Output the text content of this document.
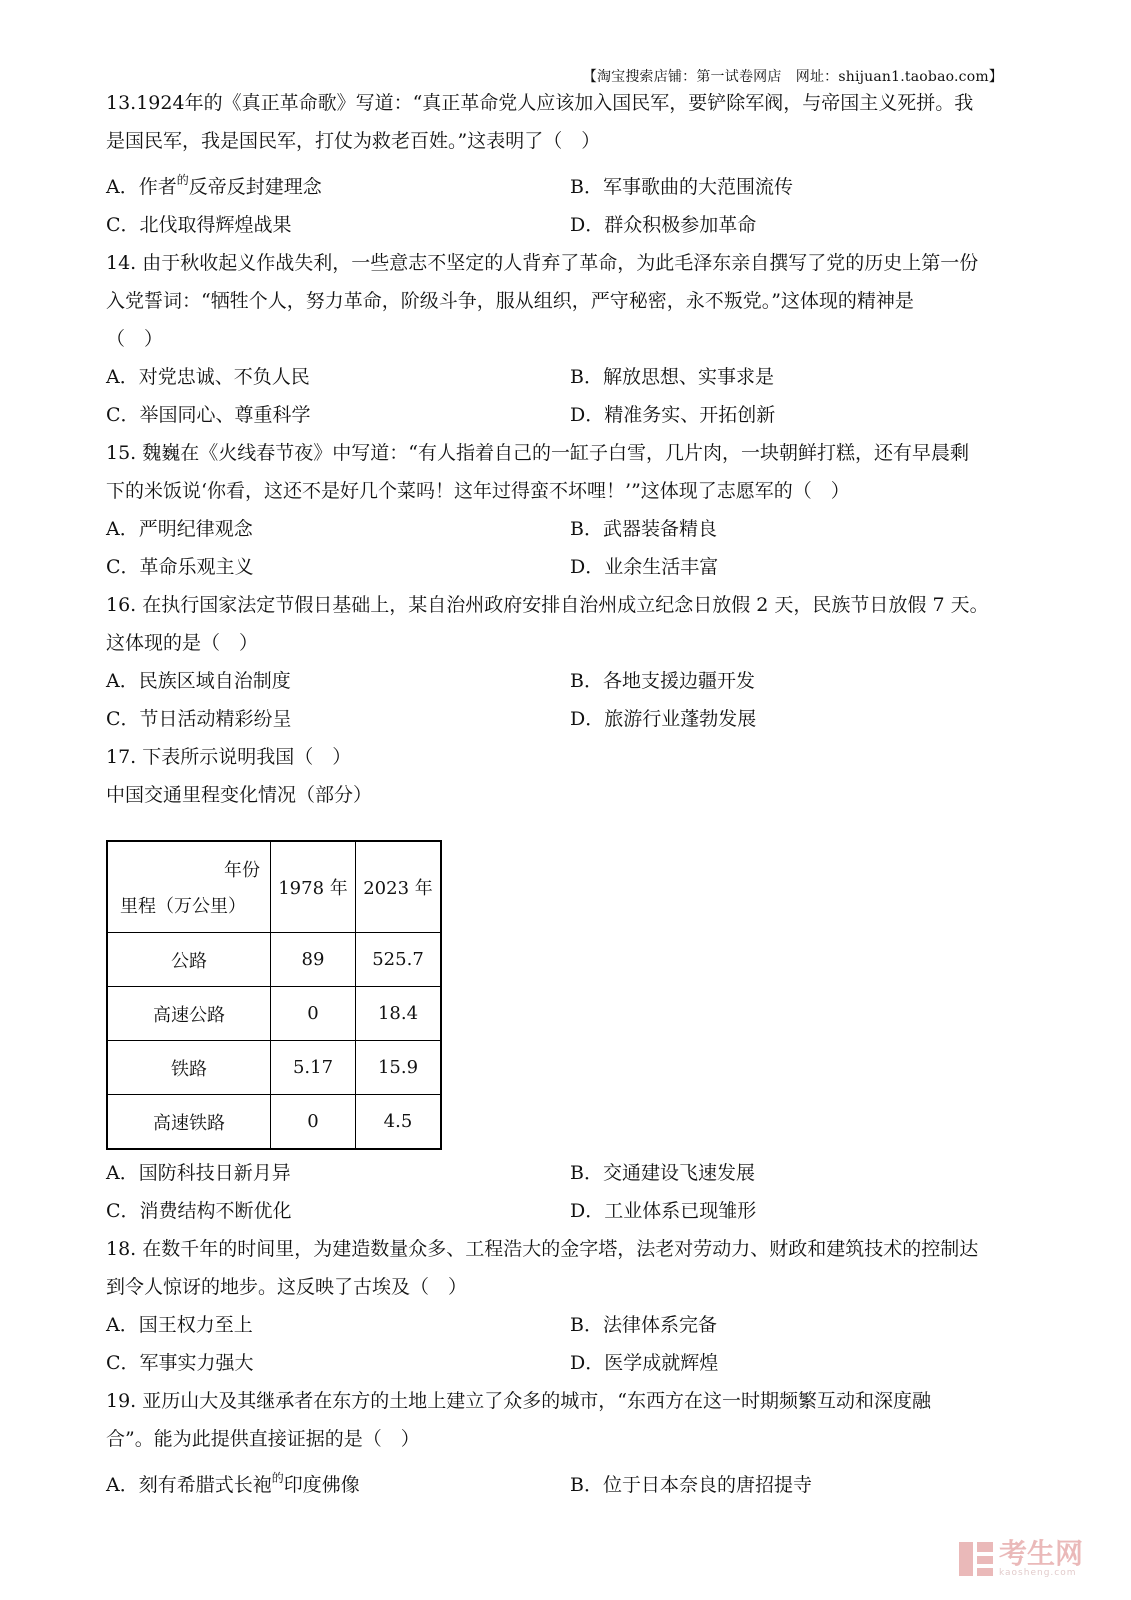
【淘宝搜索店铺：第一试卷网店　网址：shijuan1.taobao.com】

13.1924年的《真正革命歌》写道：“真正革命党人应该加入国民军，要铲除军阀，与帝国主义死拼。我

是国民军，我是国民军，打仗为救老百姓。”这表明了（　）

A．作者$^的$反帝反封建理念	B．军事歌曲的大范围流传
C．北伐取得辉煌战果	D．群众积极参加革命

14. 由于秋收起义作战失利，一些意志不坚定的人背弃了革命，为此毛泽东亲自撰写了党的历史上第一份

入党誓词：“牺牲个人，努力革命，阶级斗争，服从组织，严守秘密，永不叛党。”这体现的精神是

（　）

A．对党忠诚、不负人民	B．解放思想、实事求是
C．举国同心、尊重科学	D．精准务实、开拓创新

15. 魏巍在《火线春节夜》中写道：“有人指着自己的一缸子白雪，几片肉，一块朝鲜打糕，还有早晨剩

下的米饭说‘你看，这还不是好几个菜吗！这年过得蛮不坏哩！’”这体现了志愿军的（　）

A．严明纪律观念	B．武器装备精良
C．革命乐观主义	D．业余生活丰富

16. 在执行国家法定节假日基础上，某自治州政府安排自治州成立纪念日放假 2 天，民族节日放假 7 天。

这体现的是（　）

A．民族区域自治制度	B．各地支援边疆开发
C．节日活动精彩纷呈	D．旅游行业蓬勃发展

17. 下表所示说明我国（　）

中国交通里程变化情况（部分）

年份
里程（万公里）	1978 年	2023 年
公路	89	525.7
高速公路	0	18.4
铁路	5.17	15.9
高速铁路	0	4.5
A．国防科技日新月异	B．交通建设飞速发展
C．消费结构不断优化	D．工业体系已现雏形

18. 在数千年的时间里，为建造数量众多、工程浩大的金字塔，法老对劳动力、财政和建筑技术的控制达

到令人惊讶的地步。这反映了古埃及（　）

A．国王权力至上	B．法律体系完备
C．军事实力强大	D．医学成就辉煌

19. 亚历山大及其继承者在东方的土地上建立了众多的城市，“东西方在这一时期频繁互动和深度融

合”。能为此提供直接证据的是（　）

A．刻有希腊式长袍$^的$印度佛像	B．位于日本奈良的唐招提寺
考生网
kaosheng.com
